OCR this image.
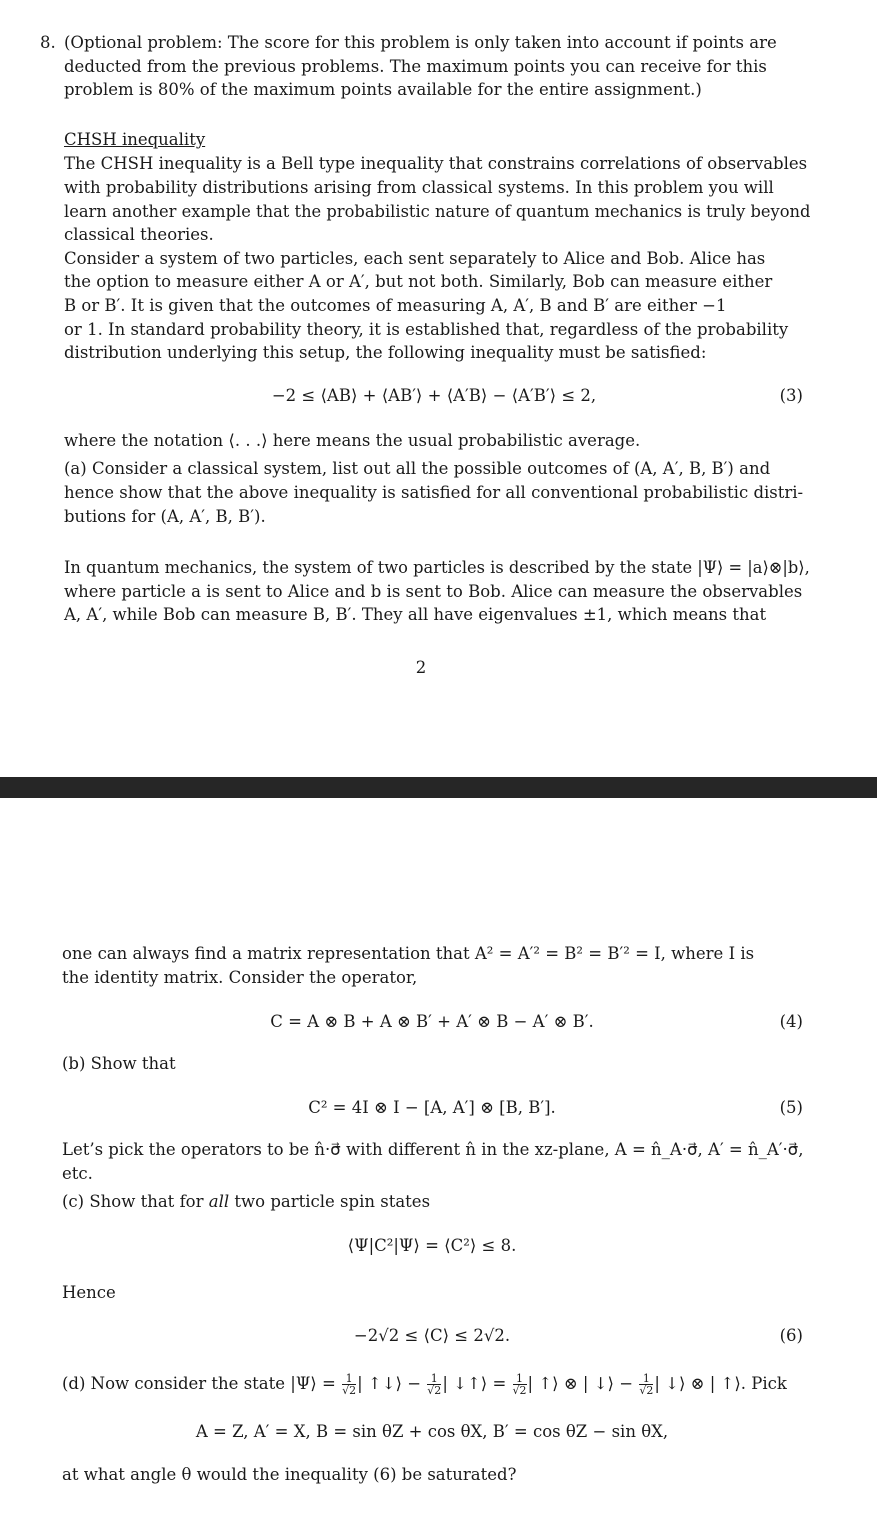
8. (Optional problem: The score for this problem is only taken into account if points are
deducted from the previous problems. The maximum points you can receive for this
problem is 80% of the maximum points available for the entire assignment.)
CHSH inequality
The CHSH inequality is a Bell type inequality that constrains correlations of observables
with probability distributions arising from classical systems. In this problem you will
learn another example that the probabilistic nature of quantum mechanics is truly beyond
classical theories.
Consider a system of two particles, each sent separately to Alice and Bob. Alice has
the option to measure either A or A′, but not both. Similarly, Bob can measure either
B or B′. It is given that the outcomes of measuring A, A′, B and B′ are either −1
or 1. In standard probability theory, it is established that, regardless of the probability
distribution underlying this setup, the following inequality must be satisfied:
−2 ≤ ⟨AB⟩ + ⟨AB′⟩ + ⟨A′B⟩ − ⟨A′B′⟩ ≤ 2,	(3)
where the notation ⟨. . .⟩ here means the usual probabilistic average.
(a) Consider a classical system, list out all the possible outcomes of (A, A′, B, B′) and
hence show that the above inequality is satisfied for all conventional probabilistic distri-
butions for (A, A′, B, B′).
In quantum mechanics, the system of two particles is described by the state |Ψ⟩ = |a⟩⊗|b⟩,
where particle a is sent to Alice and b is sent to Bob. Alice can measure the observables
A, A′, while Bob can measure B, B′. They all have eigenvalues ±1, which means that
2
one can always find a matrix representation that A² = A′² = B² = B′² = I, where I is
the identity matrix. Consider the operator,
C = A ⊗ B + A ⊗ B′ + A′ ⊗ B − A′ ⊗ B′.	(4)
(b) Show that
C² = 4I ⊗ I − [A, A′] ⊗ [B, B′].	(5)
Let’s pick the operators to be n̂·σ⃗ with different n̂ in the xz-plane, A = n̂_A·σ⃗, A′ = n̂_A′·σ⃗,
etc.
(c) Show that for all two particle spin states
⟨Ψ|C²|Ψ⟩ = ⟨C²⟩ ≤ 8.
Hence
−2√2 ≤ ⟨C⟩ ≤ 2√2.	(6)
(d) Now consider the state |Ψ⟩ = $\frac{1}{√2}$ | ↑↓⟩ − $\frac{1}{√2}$ | ↓↑⟩ = $\frac{1}{√2}$ | ↑⟩ ⊗ | ↓⟩ − $\frac{1}{√2}$ | ↓⟩ ⊗ | ↑⟩. Pick
A = Z, A′ = X, B = sin θZ + cos θX, B′ = cos θZ − sin θX,
at what angle θ would the inequality (6) be saturated?
